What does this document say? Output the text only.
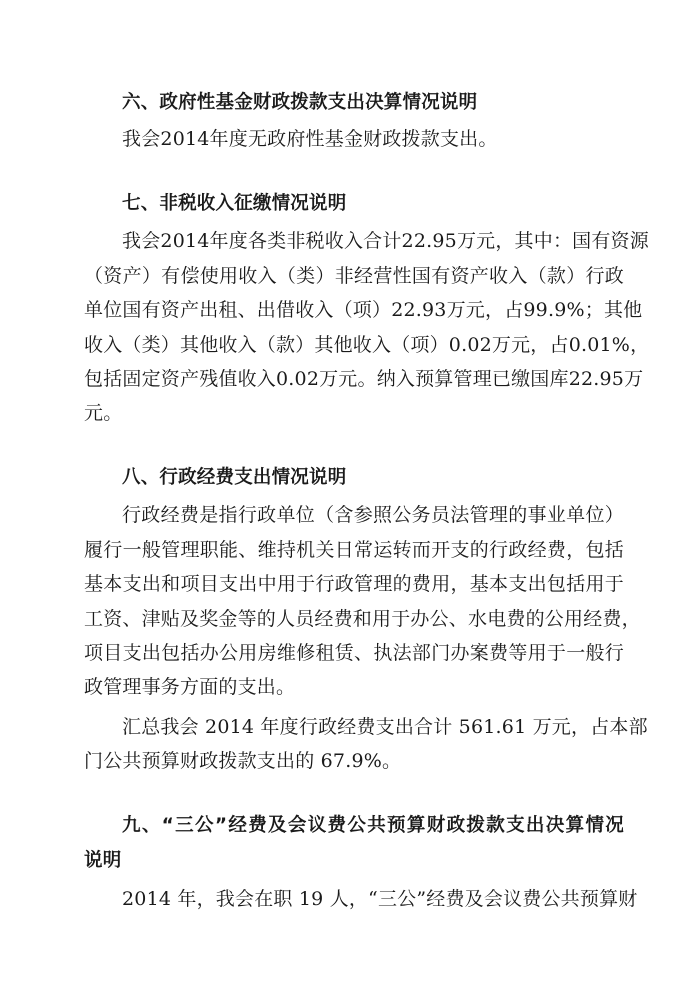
六、政府性基金财政拨款支出决算情况说明
我会2014年度无政府性基金财政拨款支出。
七、非税收入征缴情况说明
我会2014年度各类非税收入合计22.95万元，其中：国有资源
（资产）有偿使用收入（类）非经营性国有资产收入（款）行政
单位国有资产出租、出借收入（项）22.93万元，占99.9%；其他
收入（类）其他收入（款）其他收入（项）0.02万元，占0.01%，
包括固定资产残值收入0.02万元。纳入预算管理已缴国库22.95万
元。
八、行政经费支出情况说明
行政经费是指行政单位（含参照公务员法管理的事业单位）
履行一般管理职能、维持机关日常运转而开支的行政经费，包括
基本支出和项目支出中用于行政管理的费用，基本支出包括用于
工资、津贴及奖金等的人员经费和用于办公、水电费的公用经费，
项目支出包括办公用房维修租赁、执法部门办案费等用于一般行
政管理事务方面的支出。
汇总我会 2014 年度行政经费支出合计 561.61 万元，占本部
门公共预算财政拨款支出的 67.9%。
九、“三公”经费及会议费公共预算财政拨款支出决算情况
说明
2014 年，我会在职 19 人，“三公”经费及会议费公共预算财
